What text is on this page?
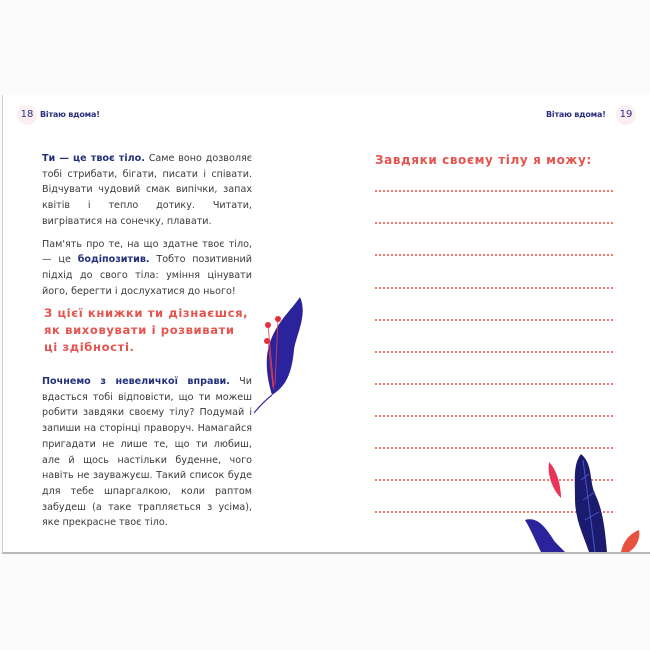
18 Вітаю вдома!	Вітаю вдома!	19

Ти — це твоє тіло. Саме воно дозволяє тобі стрибати, бігати, писати і співати. Відчувати чудовий смак випічки, запах квітів і тепло дотику. Читати, вигріватися на сонечку, плавати.

Пам'ять про те, на що здатне твоє тіло, — це бодіпозитив. Тобто позитивний підхід до свого тіла: уміння цінувати його, берегти і дослухатися до нього!

З цієї книжки ти дізнаєшся,
як виховувати і розвивати
ці здібності.

Почнемо з невеличкої вправи. Чи вдасться тобі відповісти, що ти можеш робити завдяки своєму тілу? Подумай і запиши на сторінці праворуч. Намагайся пригадати не лише те, що ти любиш, але й щось настільки буденне, чого навіть не зауважуєш. Такий список буде для тебе шпаргалкою, коли раптом забудеш (а таке трапляється з усіма), яке прекрасне твоє тіло.

Завдяки своєму тілу я можу:
